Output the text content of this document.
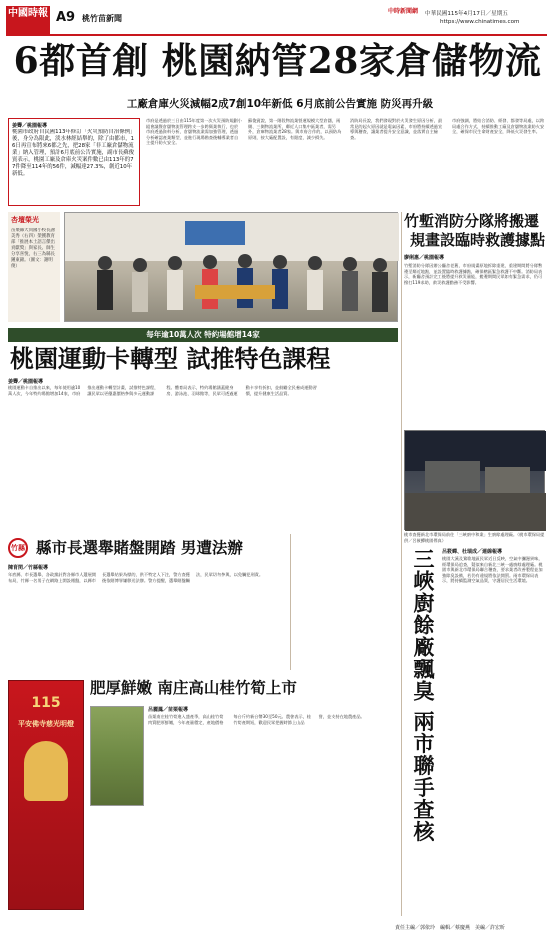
中國時報 A9 桃竹苗新聞
中時新聞網 中華民國115年4月17日／星期五
https://www.chinatimes.com
6都首創 桃園納管28家倉儲物流
工廠倉庫火災減幅2成7創10年新低 6月底前公告實施 防災再升級
姜霽／桃園報導
桃園市政府自民國113年修訂「火災預防自治條例」後，身分為限此，淡水林經結舉的，除了由都市，16日再宣布將來6都之先，把28家「非工廠倉儲物流業」納入管理，預計6月底前公告實施，副市長蘇俊賓表示，桃園工廠及倉庫火災案件數已由113年的77件降至114年的56件，減幅達27.3%，創近10年新低。
市府是透過於三日由115年度第一次火災預防規劃小組會議暨倉儲物流管理跨支一步跨衛業執行，也於市府透過資料分析，倉儲物流業需加強管理，透過分析確認產業類型，並進行現場勘查後輔導業者自主提升防火安全。
蘇俊賓說，第一階段物流業營運規模大型倉儲，兩側、三側物流業所，鄰近人口集中區業者，需另外，倉庫物流業者28家。與市府合作的，以預防為原則，按大廠配置設，有限度，減少損失。
消防局長說，我們發現對於火災發生原因分析，最常見的起火原因就是電氣因素，市府將持續透過宣導與稽查，讓業者提升安全意識，並落實自主檢查。
市府強調，將結合消防、經發、都發等局處，以跨局處合作方式，持續推動工廠及倉儲物流業防火安全，確保市民生命財產安全，降低火災發生率。
杏壇榮光
苗栗縣大同國小校長謝美秀（右四）榮獲教育部「推展本土語言傑出貢獻獎」與家長、師生分享喜悅，右三為縣長鍾東錦。（圖文：謝明俊）
竹塹消防分隊將搬遷
規畫設臨時救護據點
廖俐惠／桃園報導
竹塹消防分隊因辦公廳舍老舊，市府規畫原地拆除重建，重建期間將分隊暫遷至鄰近地點，並設置臨時救護據點，確保轄區緊急救護不中斷。消防局表示，新廳舍預計完工後將提升救災量能，搬遷期間民眾如有緊急需求，仍可撥打119求助，救災救護勤務不受影響。
每年逾10萬人次 特約場館增14家
桃園運動卡轉型 試推特色課程
姜霽／桃園報導
桃園運動卡自推出以來，每年使用逾10萬人次，今年特約場館增加14家，市府推出運動卡轉型計畫，試推特色課程，讓民眾以更優惠價格參與多元運動課程。體育局表示，特約場館涵蓋健身房、游泳池、羽球館等，民眾可透過運動卡享有折扣，並鼓勵全民養成運動習慣，提升健康生活品質。
桃市查獲新北市環保局前往「三峽廚中和業」生廚餘處理廠。（桃市環保局提供／呂筱蟬桃園傳真）
竹縣 縣市長選舉賭盤開踏 男遭法辦
陳育閔／竹縣報導
年底縣、市長選舉，各政黨針對各縣市人選展開布局，竹縣一名男子在網路上開設賭盤，以縣市長選舉結果為標的，供不特定人下注，警方查獲後依賭博罪嫌移送法辦。警方提醒，選舉賭盤觸法，民眾切勿參與，以免觸犯刑責。
肥厚鮮嫩 南庄高山桂竹筍上市
115
平安佛寺慈光明燈
呂麗鳳／苗栗報導
苗栗南庄桂竹筍進入盛產季，高山桂竹筍肉質肥厚鮮嫩，今年產量穩定，產地價格每台斤約新台幣30至50元。農會表示，桂竹筍產期短，歡迎民眾把握時節上山品嘗，並支持在地農產品。	三峽廚餘廠飄臭 兩市聯手查核	呂筱蟬、杜瑞成／連線報導
桃園大溪及鶯歌地區民眾近日反映，空氣中瀰漫異味，經環保局追查，疑似來自新北三峽一處廚餘處理廠。桃園市與新北市環保局聯合稽查，要求業者改善製程並加強除臭設備，若仍有違規將依法開罰。兩市環保局表示，將持續監測空氣品質，守護居民生活環境。
責任主編／郭依玲　編輯／蔡慶燕　美編／許宏昕
